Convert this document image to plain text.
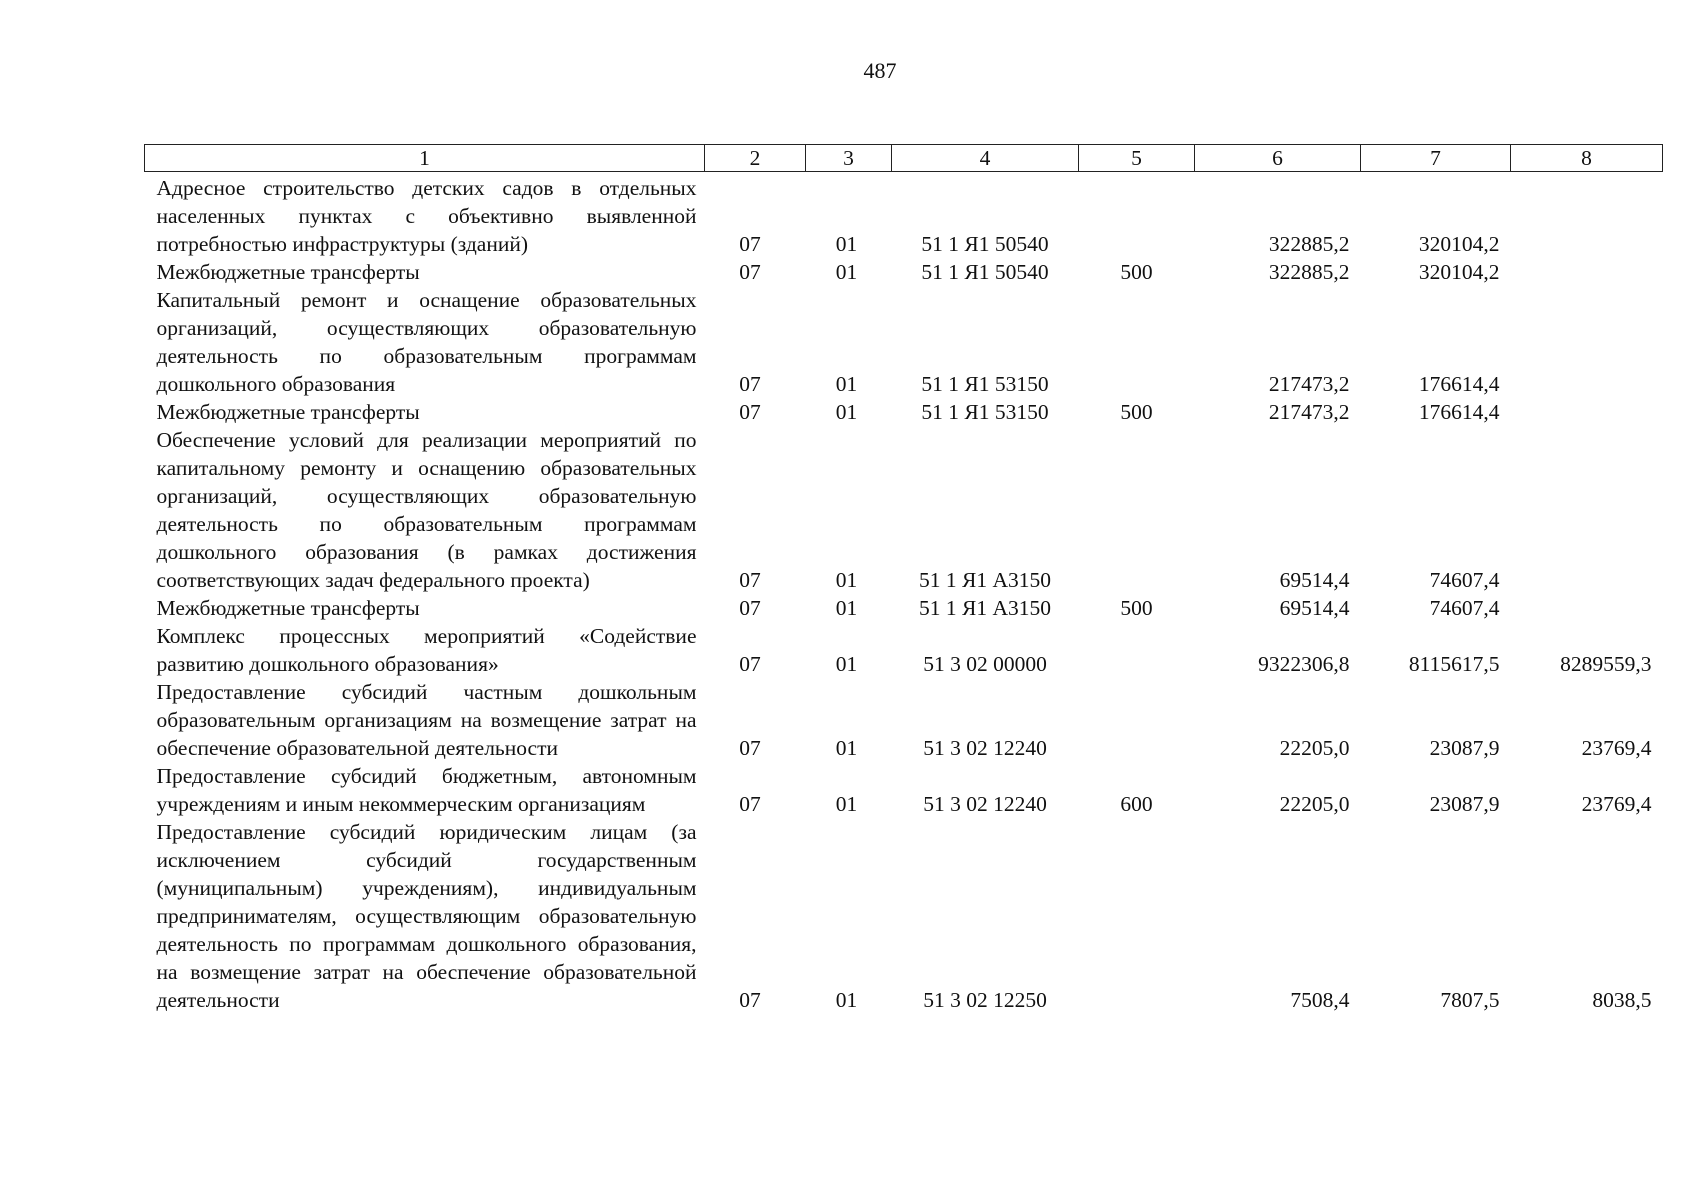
487
1	2	3	4	5	6	7	8
Адресное строительство детских садов в отдельных населенных пунктах с объективно выявленной потребностью инфраструктуры (зданий)	07	01	51 1 Я1 50540		322885,2	320104,2	
Межбюджетные трансферты	07	01	51 1 Я1 50540	500	322885,2	320104,2	
Капитальный ремонт и оснащение образовательных организаций, осуществляющих образовательную деятельность по образовательным программам дошкольного образования	07	01	51 1 Я1 53150		217473,2	176614,4	
Межбюджетные трансферты	07	01	51 1 Я1 53150	500	217473,2	176614,4	
Обеспечение условий для реализации мероприятий по капитальному ремонту и оснащению образовательных организаций, осуществляющих образовательную деятельность по образовательным программам дошкольного образования (в рамках достижения соответствующих задач федерального проекта)	07	01	51 1 Я1 А3150		69514,4	74607,4	
Межбюджетные трансферты	07	01	51 1 Я1 А3150	500	69514,4	74607,4	
Комплекс процессных мероприятий «Содействие развитию дошкольного образования»	07	01	51 3 02 00000		9322306,8	8115617,5	8289559,3
Предоставление субсидий частным дошкольным образовательным организациям на возмещение затрат на обеспечение образовательной деятельности	07	01	51 3 02 12240		22205,0	23087,9	23769,4
Предоставление субсидий бюджетным, автономным учреждениям и иным некоммерческим организациям	07	01	51 3 02 12240	600	22205,0	23087,9	23769,4
Предоставление субсидий юридическим лицам (за исключением субсидий государственным (муниципальным) учреждениям), индивидуальным предпринимателям, осуществляющим образовательную деятельность по программам дошкольного образования, на возмещение затрат на обеспечение образовательной деятельности	07	01	51 3 02 12250		7508,4	7807,5	8038,5
